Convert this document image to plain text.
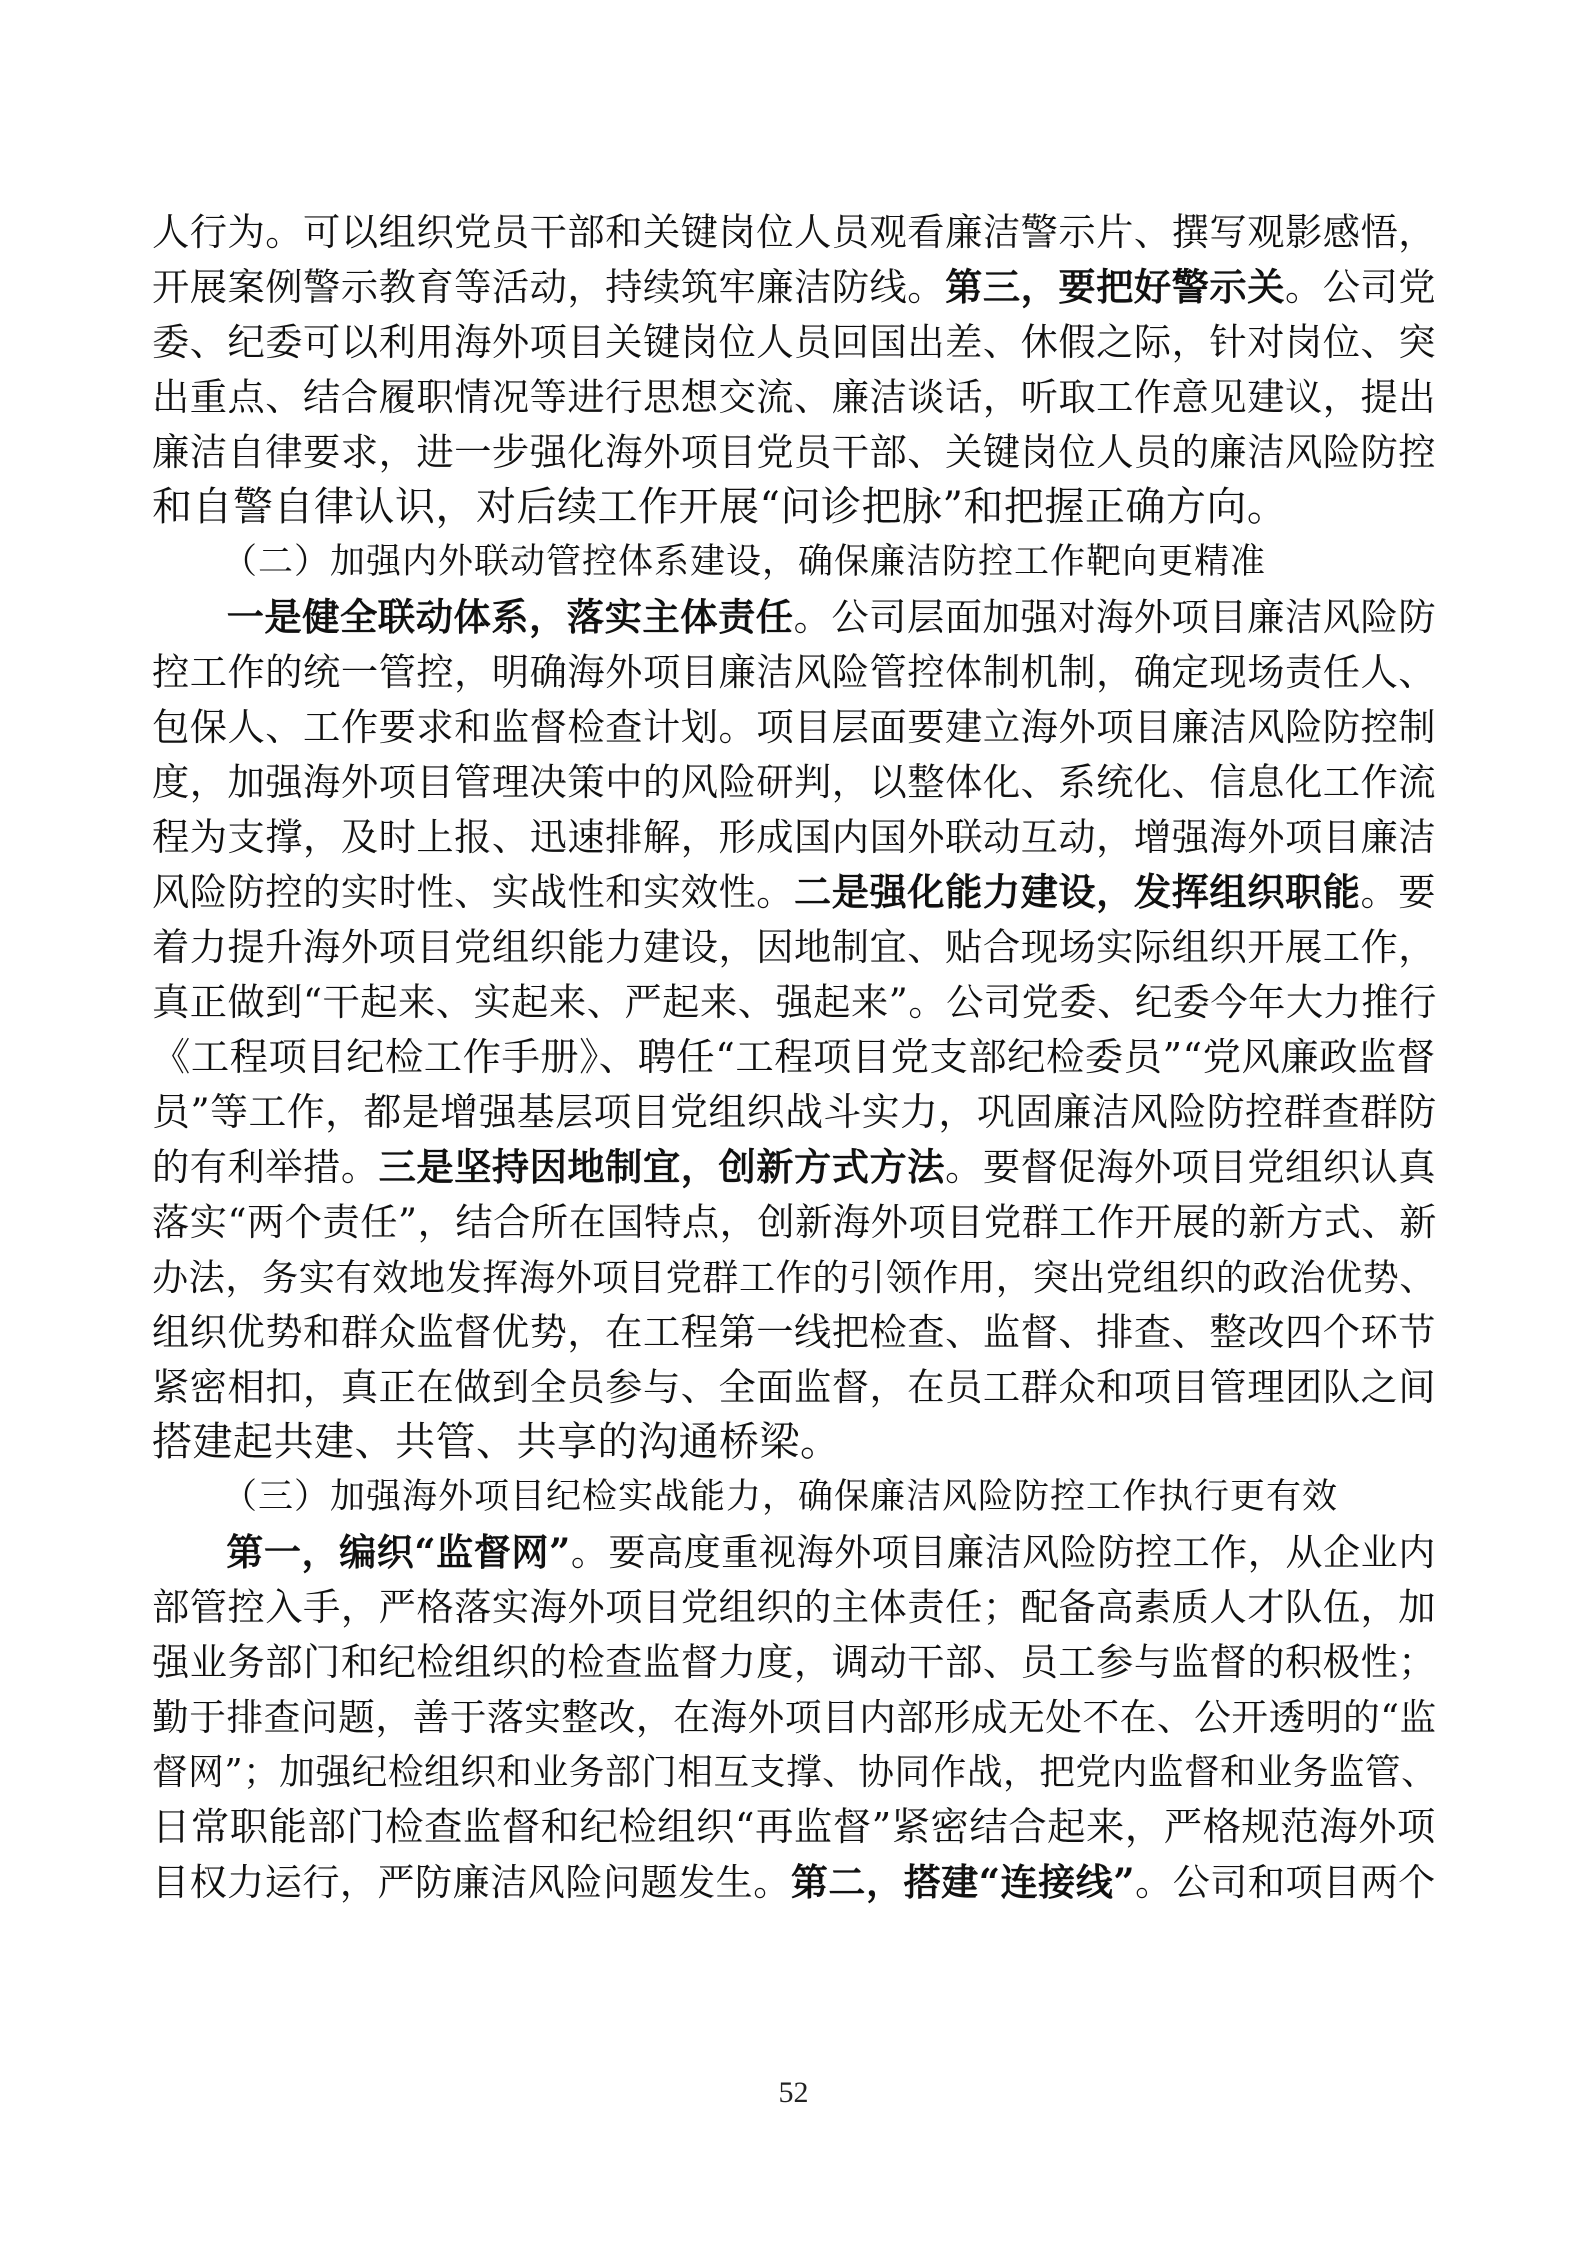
人行为。可以组织党员干部和关键岗位人员观看廉洁警示片、撰写观影感悟，
开展案例警示教育等活动，持续筑牢廉洁防线。第三，要把好警示关。公司党
委、纪委可以利用海外项目关键岗位人员回国出差、休假之际，针对岗位、突
出重点、结合履职情况等进行思想交流、廉洁谈话，听取工作意见建议，提出
廉洁自律要求，进一步强化海外项目党员干部、关键岗位人员的廉洁风险防控
和自警自律认识，对后续工作开展“问诊把脉”和把握正确方向。
（二）加强内外联动管控体系建设，确保廉洁防控工作靶向更精准
一是健全联动体系，落实主体责任。公司层面加强对海外项目廉洁风险防
控工作的统一管控，明确海外项目廉洁风险管控体制机制，确定现场责任人、
包保人、工作要求和监督检查计划。项目层面要建立海外项目廉洁风险防控制
度，加强海外项目管理决策中的风险研判，以整体化、系统化、信息化工作流
程为支撑，及时上报、迅速排解，形成国内国外联动互动，增强海外项目廉洁
风险防控的实时性、实战性和实效性。二是强化能力建设，发挥组织职能。要
着力提升海外项目党组织能力建设，因地制宜、贴合现场实际组织开展工作，
真正做到“干起来、实起来、严起来、强起来”。公司党委、纪委今年大力推行
《工程项目纪检工作手册》、聘任“工程项目党支部纪检委员”“党风廉政监督
员”等工作，都是增强基层项目党组织战斗实力，巩固廉洁风险防控群查群防
的有利举措。三是坚持因地制宜，创新方式方法。要督促海外项目党组织认真
落实“两个责任”，结合所在国特点，创新海外项目党群工作开展的新方式、新
办法，务实有效地发挥海外项目党群工作的引领作用，突出党组织的政治优势、
组织优势和群众监督优势，在工程第一线把检查、监督、排查、整改四个环节
紧密相扣，真正在做到全员参与、全面监督，在员工群众和项目管理团队之间
搭建起共建、共管、共享的沟通桥梁。
（三）加强海外项目纪检实战能力，确保廉洁风险防控工作执行更有效
第一，编织“监督网”。要高度重视海外项目廉洁风险防控工作，从企业内
部管控入手，严格落实海外项目党组织的主体责任；配备高素质人才队伍，加
强业务部门和纪检组织的检查监督力度，调动干部、员工参与监督的积极性；
勤于排查问题，善于落实整改，在海外项目内部形成无处不在、公开透明的“监
督网”；加强纪检组织和业务部门相互支撑、协同作战，把党内监督和业务监管、
日常职能部门检查监督和纪检组织“再监督”紧密结合起来，严格规范海外项
目权力运行，严防廉洁风险问题发生。第二，搭建“连接线”。公司和项目两个
52
